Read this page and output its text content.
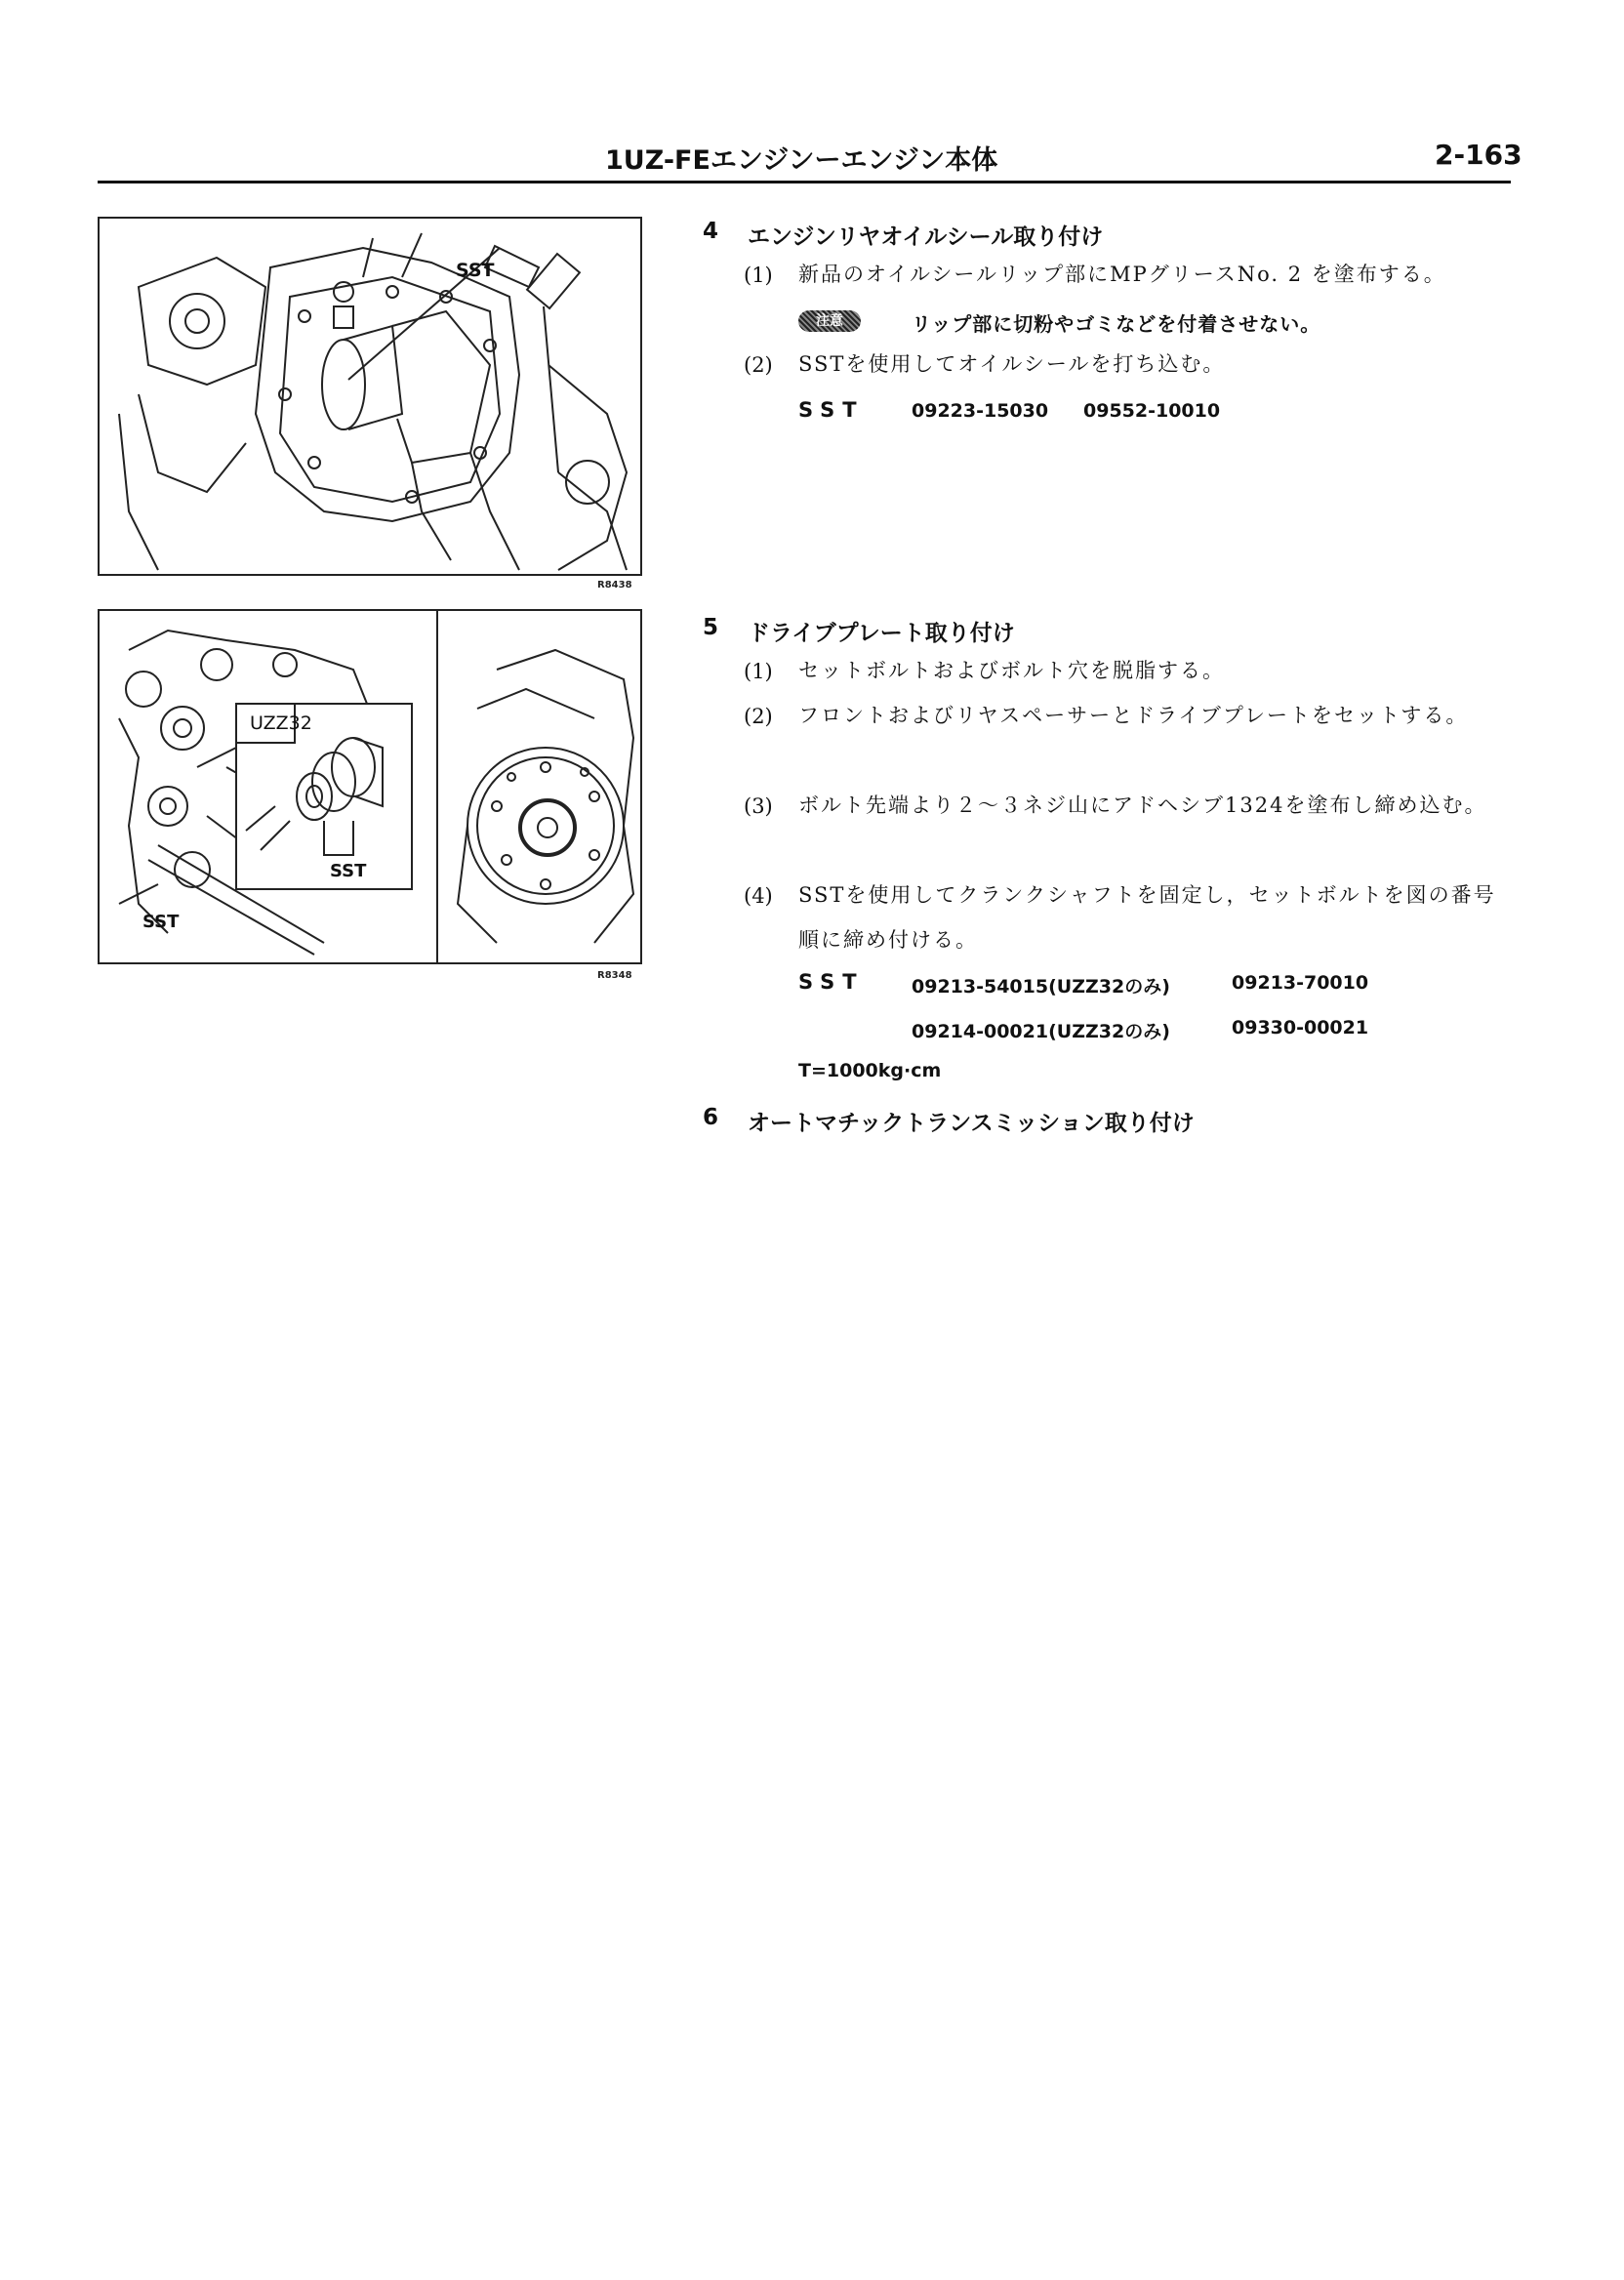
1UZ-FEエンジンーエンジン本体	2-163
SST
R8438
UZZ32
SST
SST
R8348
4 エンジンリヤオイルシール取り付け
(1) 新品のオイルシールリップ部にMPグリースNo. 2 を塗布する。
注意	リップ部に切粉やゴミなどを付着させない。
(2) SSTを使用してオイルシールを打ち込む。
SST	09223-15030 09552-10010
5 ドライブプレート取り付け
(1) セットボルトおよびボルト穴を脱脂する。
(2) フロントおよびリヤスペーサーとドライブプレートをセットする。
(3) ボルト先端より２～３ネジ山にアドヘシブ1324を塗布し締め込む。
(4) SSTを使用してクランクシャフトを固定し，セットボルトを図の番号順に締め付ける。
SST	09213-54015(UZZ32のみ)	09213-70010
09214-00021(UZZ32のみ)	09330-00021
T=1000kg·cm
6 オートマチックトランスミッション取り付け
